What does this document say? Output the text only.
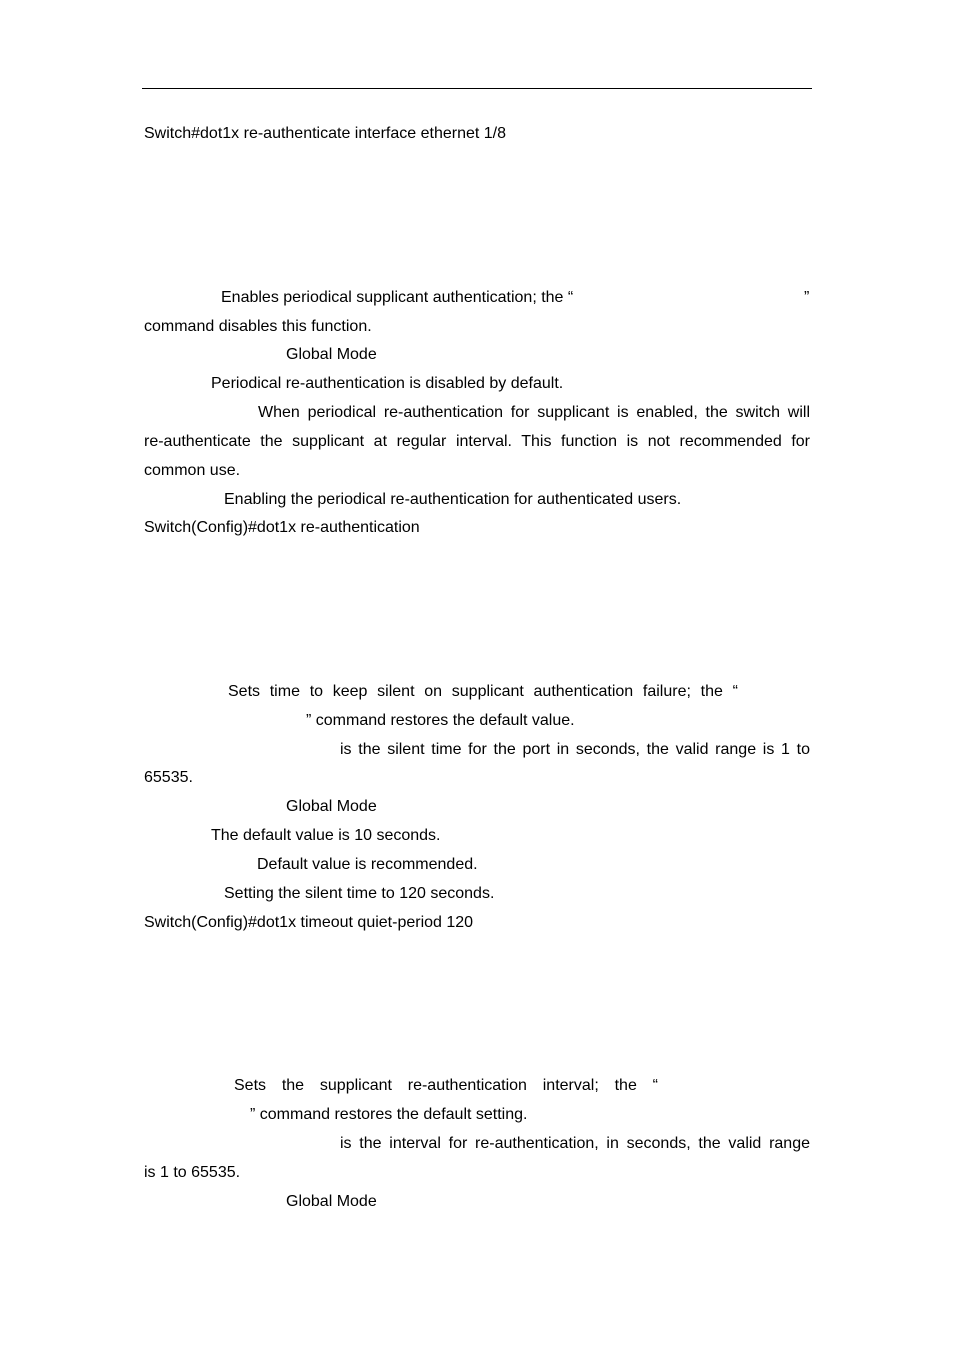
Switch#dot1x re-authenticate interface ethernet 1/8
Enables periodical supplicant authentication; the “	”
command disables this function.
Global Mode
Periodical re-authentication is disabled by default.
When periodical re-authentication for supplicant is enabled, the switch will
re-authenticate the supplicant at regular interval. This function is not recommended for
common use.
Enabling the periodical re-authentication for authenticated users.
Switch(Config)#dot1x re-authentication
Sets time to keep silent on supplicant authentication failure; the “
” command restores the default value.
is the silent time for the port in seconds, the valid range is 1 to
65535.
Global Mode
The default value is 10 seconds.
Default value is recommended.
Setting the silent time to 120 seconds.
Switch(Config)#dot1x timeout quiet-period 120
Sets the supplicant re-authentication interval; the “
” command restores the default setting.
is the interval for re-authentication, in seconds, the valid range
is 1 to 65535.
Global Mode
